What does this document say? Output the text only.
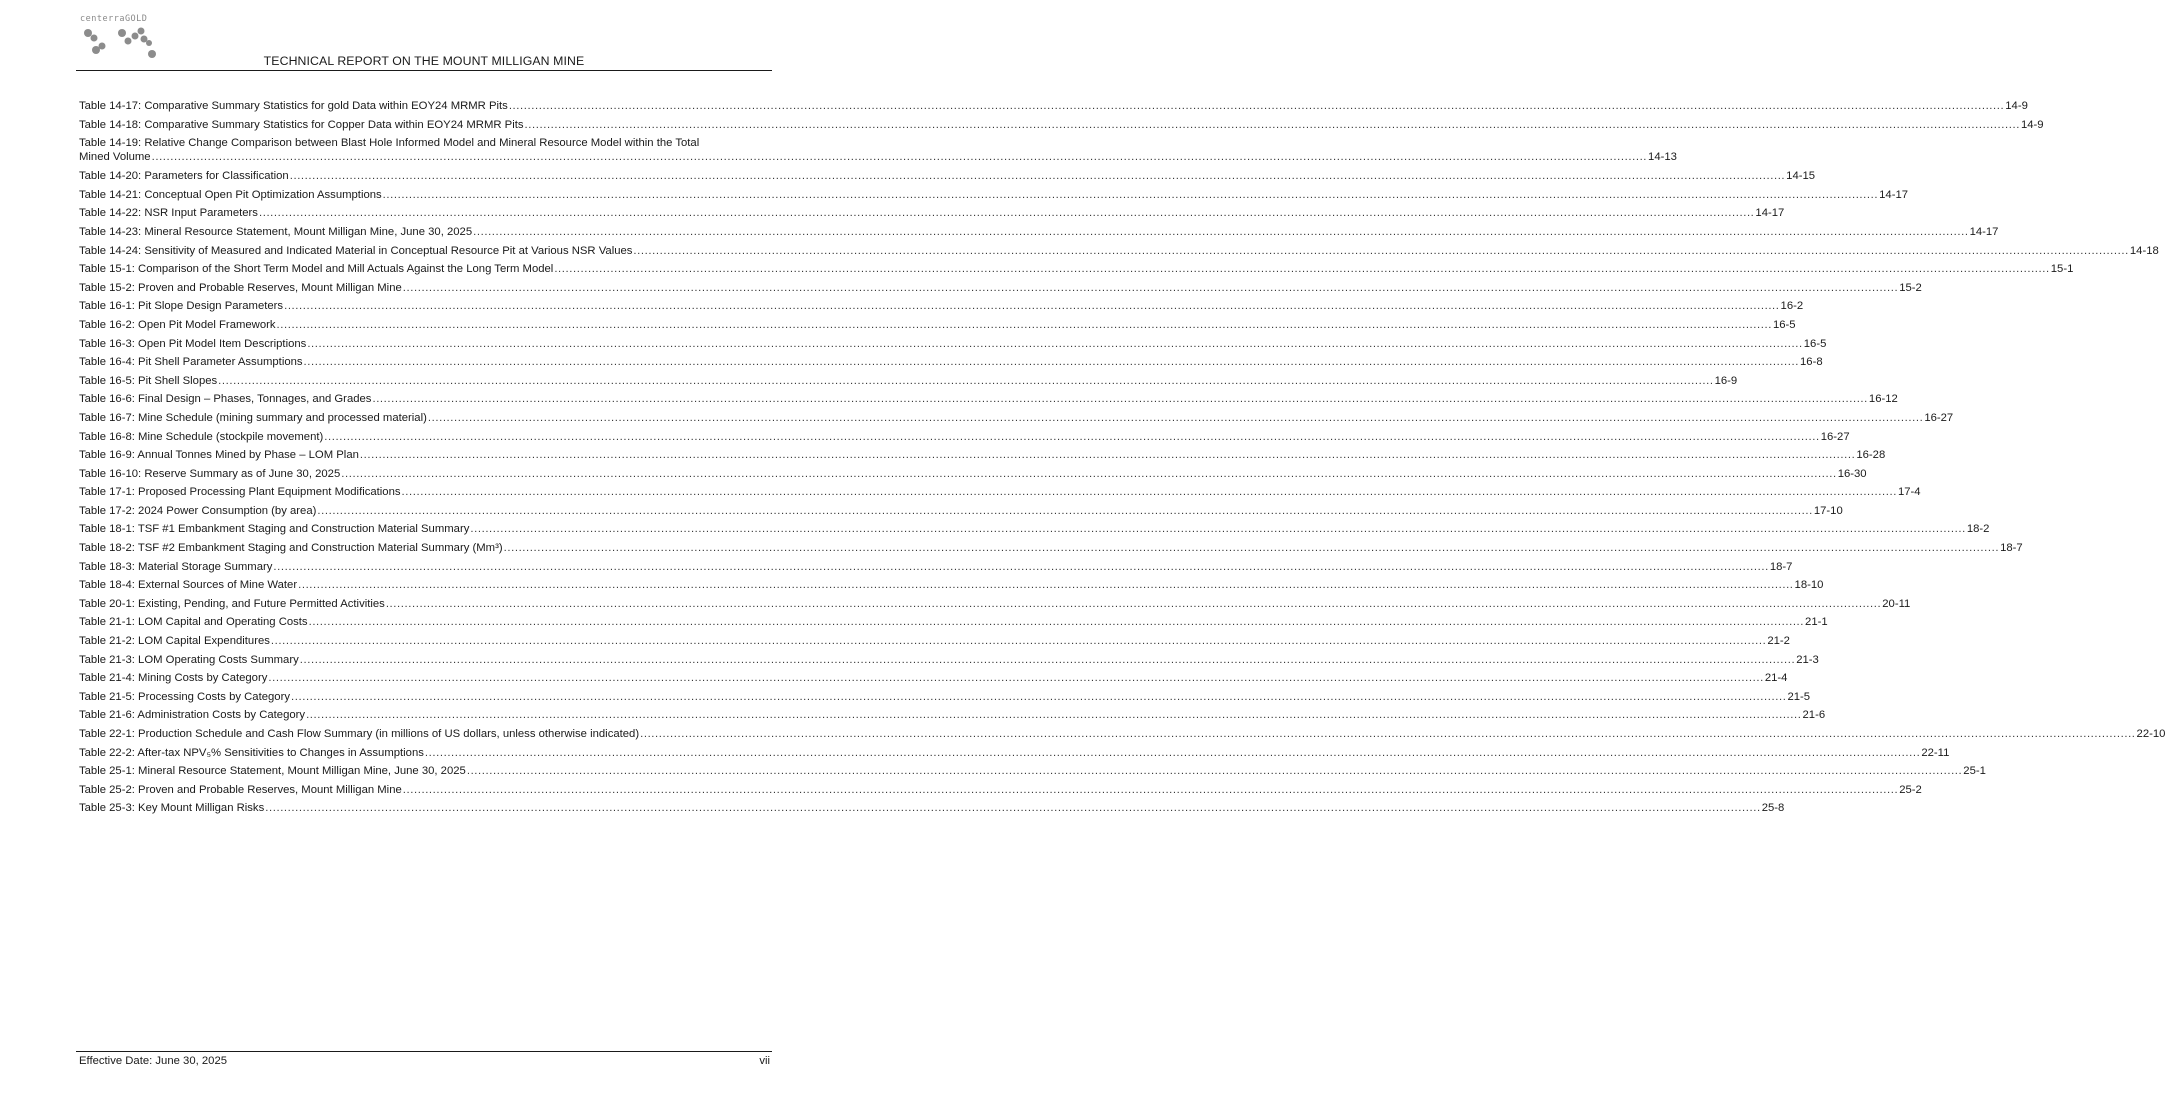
centerraGOLD
TECHNICAL REPORT ON THE MOUNT MILLIGAN MINE
Table 14-17: Comparative Summary Statistics for gold Data within EOY24 MRMR Pits ................................................................................................................................................................................................................................................................................................................................................................................................................ 14-9
Table 14-18: Comparative Summary Statistics for Copper Data within EOY24 MRMR Pits ................................................................................................................................................................................................................................................................................................................................................................................................................ 14-9
Table 14-19: Relative Change Comparison between Blast Hole Informed Model and Mineral Resource Model within the Total
Mined Volume ................................................................................................................................................................................................................................................................................................................................................................................................................ 14-13
Table 14-20: Parameters for Classification ................................................................................................................................................................................................................................................................................................................................................................................................................ 14-15
Table 14-21: Conceptual Open Pit Optimization Assumptions ................................................................................................................................................................................................................................................................................................................................................................................................................ 14-17
Table 14-22: NSR Input Parameters ................................................................................................................................................................................................................................................................................................................................................................................................................ 14-17
Table 14-23: Mineral Resource Statement, Mount Milligan Mine, June 30, 2025 ................................................................................................................................................................................................................................................................................................................................................................................................................ 14-17
Table 14-24: Sensitivity of Measured and Indicated Material in Conceptual Resource Pit at Various NSR Values ................................................................................................................................................................................................................................................................................................................................................................................................................ 14-18
Table 15-1: Comparison of the Short Term Model and Mill Actuals Against the Long Term Model ................................................................................................................................................................................................................................................................................................................................................................................................................ 15-1
Table 15-2: Proven and Probable Reserves, Mount Milligan Mine ................................................................................................................................................................................................................................................................................................................................................................................................................ 15-2
Table 16-1: Pit Slope Design Parameters ................................................................................................................................................................................................................................................................................................................................................................................................................ 16-2
Table 16-2: Open Pit Model Framework ................................................................................................................................................................................................................................................................................................................................................................................................................ 16-5
Table 16-3: Open Pit Model Item Descriptions ................................................................................................................................................................................................................................................................................................................................................................................................................ 16-5
Table 16-4: Pit Shell Parameter Assumptions ................................................................................................................................................................................................................................................................................................................................................................................................................ 16-8
Table 16-5: Pit Shell Slopes ................................................................................................................................................................................................................................................................................................................................................................................................................ 16-9
Table 16-6: Final Design – Phases, Tonnages, and Grades ................................................................................................................................................................................................................................................................................................................................................................................................................ 16-12
Table 16-7: Mine Schedule (mining summary and processed material) ................................................................................................................................................................................................................................................................................................................................................................................................................ 16-27
Table 16-8: Mine Schedule (stockpile movement) ................................................................................................................................................................................................................................................................................................................................................................................................................ 16-27
Table 16-9: Annual Tonnes Mined by Phase – LOM Plan ................................................................................................................................................................................................................................................................................................................................................................................................................ 16-28
Table 16-10: Reserve Summary as of June 30, 2025 ................................................................................................................................................................................................................................................................................................................................................................................................................ 16-30
Table 17-1: Proposed Processing Plant Equipment Modifications ................................................................................................................................................................................................................................................................................................................................................................................................................ 17-4
Table 17-2: 2024 Power Consumption (by area) ................................................................................................................................................................................................................................................................................................................................................................................................................ 17-10
Table 18-1: TSF #1 Embankment Staging and Construction Material Summary ................................................................................................................................................................................................................................................................................................................................................................................................................ 18-2
Table 18-2: TSF #2 Embankment Staging and Construction Material Summary (Mm³) ................................................................................................................................................................................................................................................................................................................................................................................................................ 18-7
Table 18-3: Material Storage Summary ................................................................................................................................................................................................................................................................................................................................................................................................................ 18-7
Table 18-4: External Sources of Mine Water ................................................................................................................................................................................................................................................................................................................................................................................................................ 18-10
Table 20-1: Existing, Pending, and Future Permitted Activities ................................................................................................................................................................................................................................................................................................................................................................................................................ 20-11
Table 21-1: LOM Capital and Operating Costs ................................................................................................................................................................................................................................................................................................................................................................................................................ 21-1
Table 21-2: LOM Capital Expenditures ................................................................................................................................................................................................................................................................................................................................................................................................................ 21-2
Table 21-3: LOM Operating Costs Summary ................................................................................................................................................................................................................................................................................................................................................................................................................ 21-3
Table 21-4: Mining Costs by Category ................................................................................................................................................................................................................................................................................................................................................................................................................ 21-4
Table 21-5: Processing Costs by Category ................................................................................................................................................................................................................................................................................................................................................................................................................ 21-5
Table 21-6: Administration Costs by Category ................................................................................................................................................................................................................................................................................................................................................................................................................ 21-6
Table 22-1: Production Schedule and Cash Flow Summary (in millions of US dollars, unless otherwise indicated) ................................................................................................................................................................................................................................................................................................................................................................................................................ 22-10
Table 22-2: After-tax NPV₅% Sensitivities to Changes in Assumptions ................................................................................................................................................................................................................................................................................................................................................................................................................ 22-11
Table 25-1: Mineral Resource Statement, Mount Milligan Mine, June 30, 2025 ................................................................................................................................................................................................................................................................................................................................................................................................................ 25-1
Table 25-2: Proven and Probable Reserves, Mount Milligan Mine ................................................................................................................................................................................................................................................................................................................................................................................................................ 25-2
Table 25-3: Key Mount Milligan Risks ................................................................................................................................................................................................................................................................................................................................................................................................................ 25-8
Effective Date: June 30, 2025	vii
